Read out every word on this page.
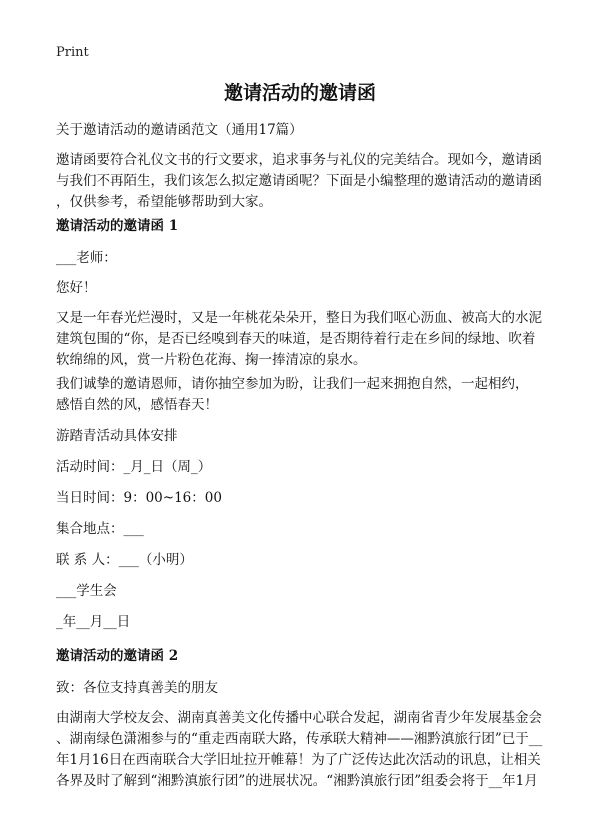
Print
邀请活动的邀请函
关于邀请活动的邀请函范文（通用17篇）
邀请函要符合礼仪文书的行文要求，追求事务与礼仪的完美结合。现如今，邀请函
与我们不再陌生，我们该怎么拟定邀请函呢？下面是小编整理的邀请活动的邀请函
，仅供参考，希望能够帮助到大家。
邀请活动的邀请函 1
___老师：
您好！
又是一年春光烂漫时，又是一年桃花朵朵开，整日为我们呕心沥血、被高大的水泥
建筑包围的“你，是否已经嗅到春天的味道，是否期待着行走在乡间的绿地、吹着
软绵绵的风，赏一片粉色花海、掬一捧清凉的泉水。
我们诚挚的邀请恩师，请你抽空参加为盼，让我们一起来拥抱自然，一起相约，
感悟自然的风，感悟春天！
游踏青活动具体安排
活动时间：_月_日（周_）
当日时间：9：00~16：00
集合地点：___
联 系 人：___（小明）
___学生会
_年__月__日
邀请活动的邀请函 2
致：各位支持真善美的朋友
由湖南大学校友会、湖南真善美文化传播中心联合发起，湖南省青少年发展基金会
、湖南绿色潇湘参与的“重走西南联大路，传承联大精神——湘黔滇旅行团”已于__
年1月16日在西南联合大学旧址拉开帷幕！为了广泛传达此次活动的讯息，让相关
各界及时了解到“湘黔滇旅行团”的进展状况。“湘黔滇旅行团”组委会将于__年1月
